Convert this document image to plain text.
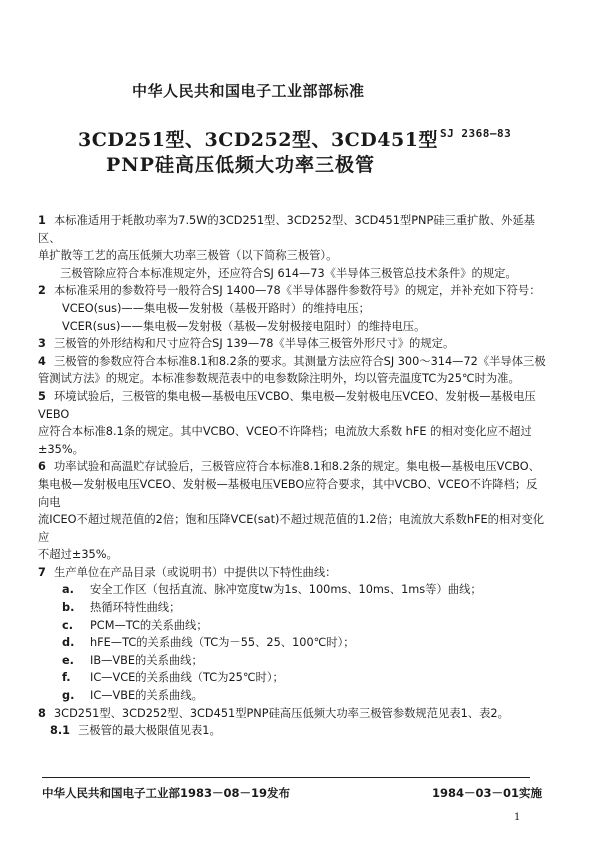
中华人民共和国电子工业部部标准
3CD251型、3CD252型、3CD451型
PNP硅高压低频大功率三极管
SJ 2368—83

1 本标准适用于耗散功率为7.5W的3CD251型、3CD252型、3CD451型PNP硅三重扩散、外延基区、

单扩散等工艺的高压低频大功率三极管（以下简称三极管）。

三极管除应符合本标准规定外，还应符合SJ 614—73《半导体三极管总技术条件》的规定。

2 本标准采用的参数符号一般符合SJ 1400—78《半导体器件参数符号》的规定，并补充如下符号：

VCEO(sus)——集电极—发射极（基极开路时）的维持电压；

VCER(sus)——集电极—发射极（基极—发射极接电阻时）的维持电压。

3 三极管的外形结构和尺寸应符合SJ 139—78《半导体三极管外形尺寸》的规定。

4 三极管的参数应符合本标准8.1和8.2条的要求。其测量方法应符合SJ 300～314—72《半导体三极

管测试方法》的规定。本标准参数规范表中的电参数除注明外，均以管壳温度TC为25℃时为准。

5 环境试验后，三极管的集电极—基极电压VCBO、集电极—发射极电压VCEO、发射极—基极电压VEBO

应符合本标准8.1条的规定。其中VCBO、VCEO不许降档；电流放大系数 hFE 的相对变化应不超过

±35%。

6 功率试验和高温贮存试验后，三极管应符合本标准8.1和8.2条的规定。集电极—基极电压VCBO、

集电极—发射极电压VCEO、发射极—基极电压VEBO应符合要求，其中VCBO、VCEO不许降档；反向电

流ICEO不超过规范值的2倍；饱和压降VCE(sat)不超过规范值的1.2倍；电流放大系数hFE的相对变化应

不超过±35%。

7 生产单位在产品目录（或说明书）中提供以下特性曲线：

a. 安全工作区（包括直流、脉冲宽度tw为1s、100ms、10ms、1ms等）曲线；

b. 热循环特性曲线；

c. PCM—TC的关系曲线；

d. hFE—TC的关系曲线（TC为－55、25、100℃时）；

e. IB—VBE的关系曲线；

f. IC—VCE的关系曲线（TC为25℃时）；

g. IC—VBE的关系曲线。

8 3CD251型、3CD252型、3CD451型PNP硅高压低频大功率三极管参数规范见表1、表2。

8.1 三极管的最大极限值见表1。

中华人民共和国电子工业部1983－08－19发布	1984－03－01实施
1
